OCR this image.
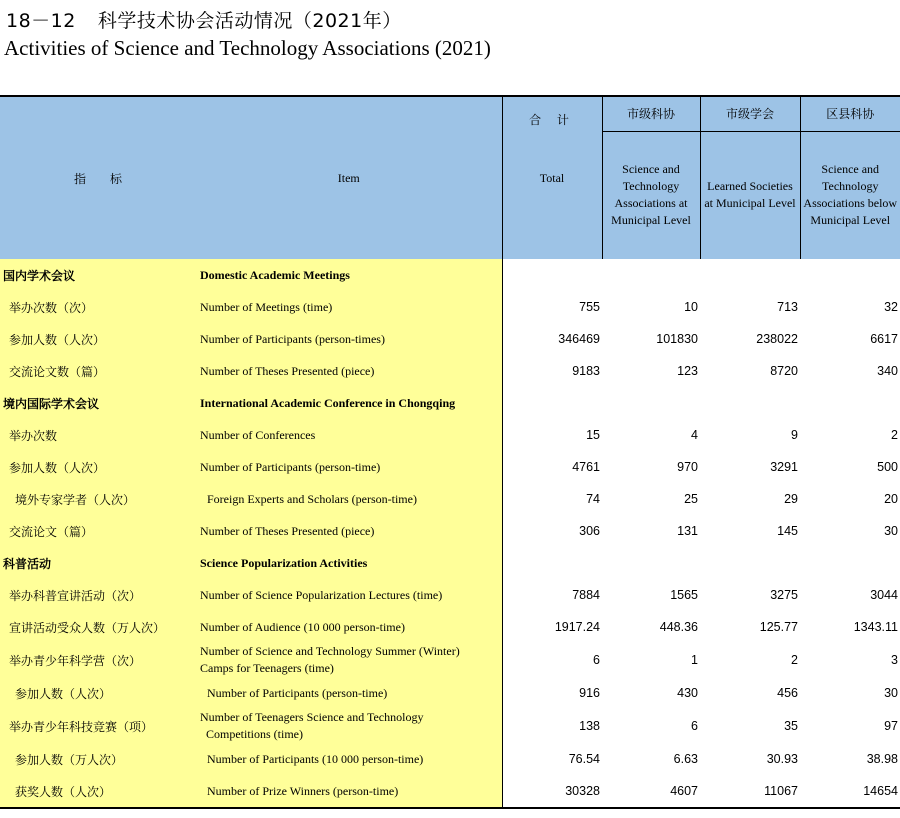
18－12 科学技术协会活动情况（2021年）
Activities of Science and Technology Associations (2021)
指　　标	Item	合 计	市级科协	市级学会	区县科协
		Total	Science and Technology Associations at Municipal Level	Learned Societies at Municipal Level	Science and Technology Associations below Municipal Level
国内学术会议	Domestic Academic Meetings				
举办次数（次）	Number of Meetings (time)	755	10	713	32
参加人数（人次）	Number of Participants (person-times)	346469	101830	238022	6617
交流论文数（篇）	Number of Theses Presented (piece)	9183	123	8720	340
境内国际学术会议	International Academic Conference in Chongqing				
举办次数	Number of Conferences	15	4	9	2
参加人数（人次）	Number of Participants (person-time)	4761	970	3291	500
境外专家学者（人次）	Foreign Experts and Scholars (person-time)	74	25	29	20
交流论文（篇）	Number of Theses Presented (piece)	306	131	145	30
科普活动	Science Popularization Activities				
举办科普宣讲活动（次）	Number of Science Popularization Lectures (time)	7884	1565	3275	3044
宣讲活动受众人数（万人次）	Number of Audience (10 000 person-time)	1917.24	448.36	125.77	1343.11
举办青少年科学营（次）	Number of Science and Technology Summer (Winter)
Camps for Teenagers (time)	6	1	2	3
参加人数（人次）	Number of Participants (person-time)	916	430	456	30
举办青少年科技竞赛（项）	Number of Teenagers Science and Technology
Competitions (time)	138	6	35	97
参加人数（万人次）	Number of Participants (10 000 person-time)	76.54	6.63	30.93	38.98
获奖人数（人次）	Number of Prize Winners (person-time)	30328	4607	11067	14654
